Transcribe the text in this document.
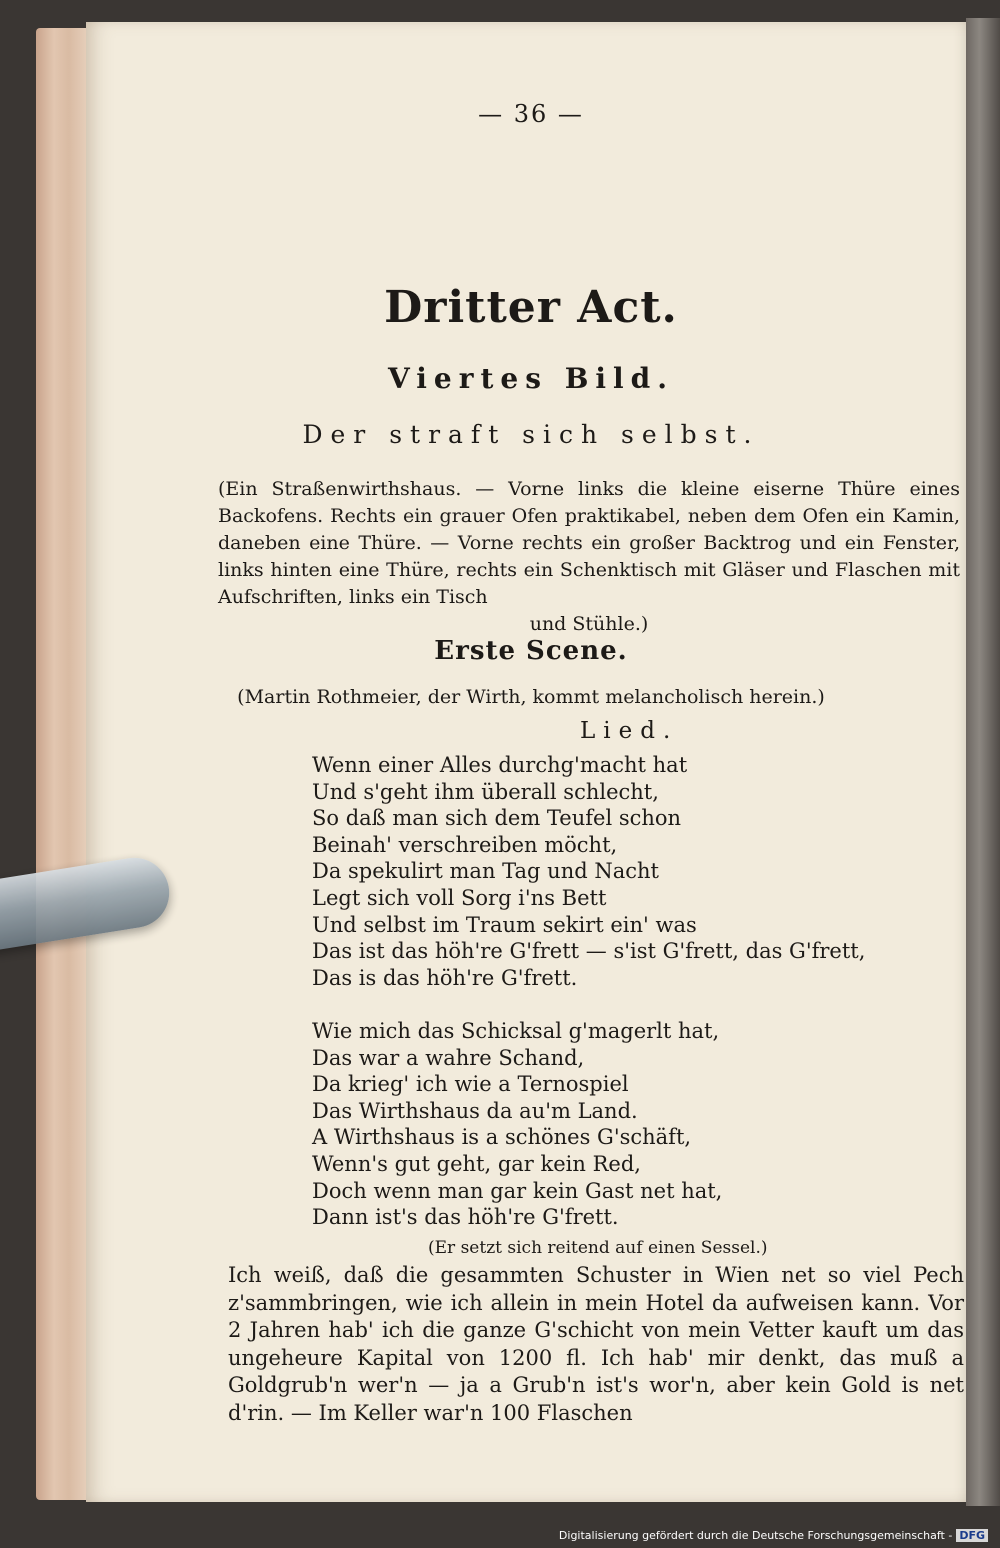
— 36 —
Dritter Act.
Viertes Bild.
Der straft sich selbst.
(Ein Straßenwirthshaus. — Vorne links die kleine eiserne Thüre eines Backofens. Rechts ein grauer Ofen praktikabel, neben dem Ofen ein Kamin, daneben eine Thüre. — Vorne rechts ein großer Backtrog und ein Fenster, links hinten eine Thüre, rechts ein Schenktisch mit Gläser und Flaschen mit Aufschriften, links ein Tisch
und Stühle.)
Erste Scene.
(Martin Rothmeier, der Wirth, kommt melancholisch herein.)
Lied.
Wenn einer Alles durchg'macht hat
Und s'geht ihm überall schlecht,
So daß man sich dem Teufel schon
Beinah' verschreiben möcht,
Da spekulirt man Tag und Nacht
Legt sich voll Sorg i'ns Bett
Und selbst im Traum sekirt ein' was
Das ist das höh're G'frett — s'ist G'frett, das G'frett,
Das is das höh're G'frett.
Wie mich das Schicksal g'magerlt hat,
Das war a wahre Schand,
Da krieg' ich wie a Ternospiel
Das Wirthshaus da au'm Land.
A Wirthshaus is a schönes G'schäft,
Wenn's gut geht, gar kein Red,
Doch wenn man gar kein Gast net hat,
Dann ist's das höh're G'frett.
(Er setzt sich reitend auf einen Sessel.)

Ich weiß, daß die gesammten Schuster in Wien net so viel Pech z'sammbringen, wie ich allein in mein Hotel da aufweisen kann. Vor 2 Jahren hab' ich die ganze G'schicht von mein Vetter kauft um das ungeheure Kapital von 1200 fl. Ich hab' mir denkt, das muß a Goldgrub'n wer'n — ja a Grub'n ist's wor'n, aber kein Gold is net d'rin. — Im Keller war'n 100 Flaschen

Digitalisierung gefördert durch die Deutsche Forschungsgemeinschaft - DFG
